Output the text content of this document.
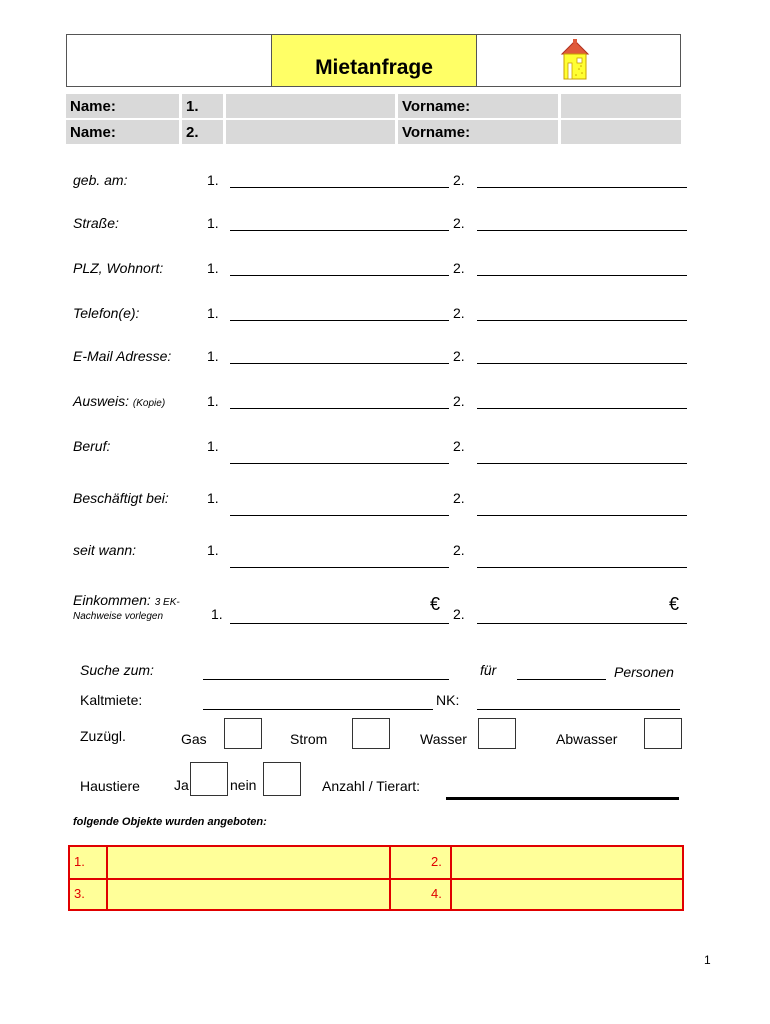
Mietanfrage
Name:	1.	Vorname:
Name:	2.	Vorname:
geb. am:	1.	2.
Straße:	1.	2.
PLZ, Wohnort:	1.	2.
Telefon(e):	1.	2.
E-Mail Adresse:	1.	2.
Ausweis: (Kopie)	1.	2.
Beruf:	1.	2.
Beschäftigt bei:	1.	2.
seit wann:	1.	2.
Einkommen: 3 EK-
Nachweise vorlegen	1.	€ 2.	€
Suche zum:	für	Personen
Kaltmiete:	NK:
Zuzügl.	Gas	Strom	Wasser	Abwasser
Haustiere Ja	nein	Anzahl / Tierart:
folgende Objekte wurden angeboten:
1.	2.
3.	4.
1
